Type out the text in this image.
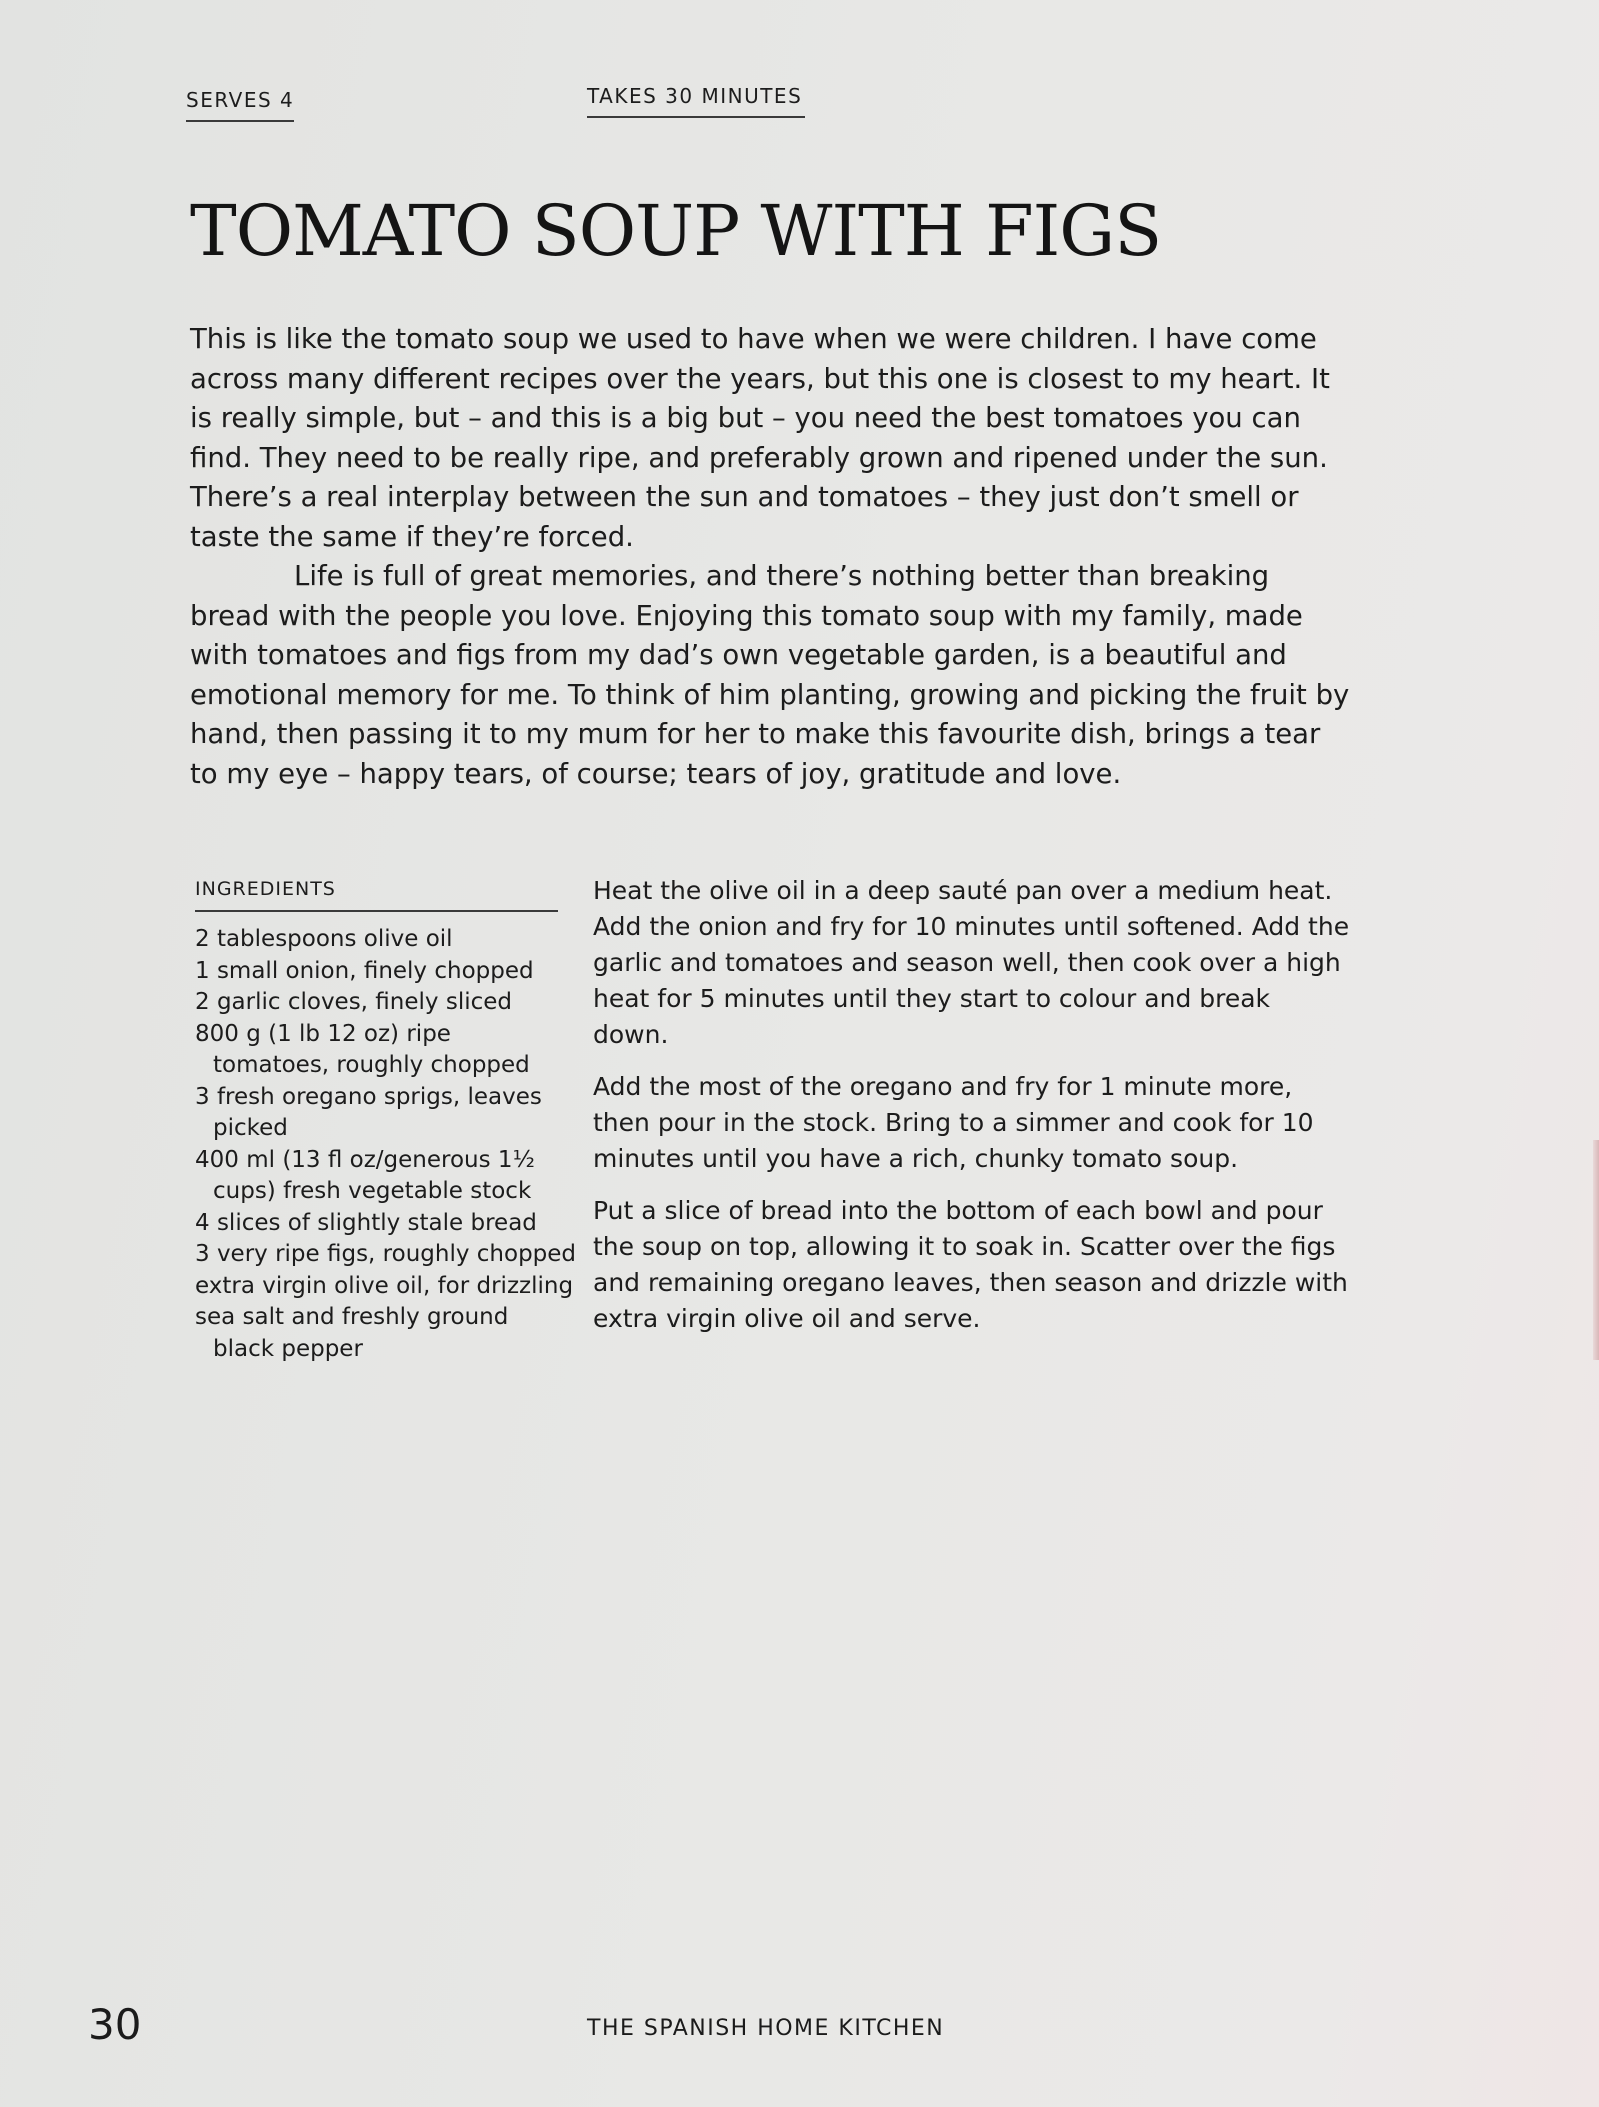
SERVES 4	TAKES 30 MINUTES
TOMATO SOUP WITH FIGS

This is like the tomato soup we used to have when we were children. I have come across many different recipes over the years, but this one is closest to my heart. It is really simple, but – and this is a big but – you need the best tomatoes you can find. They need to be really ripe, and preferably grown and ripened under the sun. There’s a real interplay between the sun and tomatoes – they just don’t smell or taste the same if they’re forced.

Life is full of great memories, and there’s nothing better than breaking bread with the people you love. Enjoying this tomato soup with my family, made with tomatoes and figs from my dad’s own vegetable garden, is a beautiful and emotional memory for me. To think of him planting, growing and picking the fruit by hand, then passing it to my mum for her to make this favourite dish, brings a tear to my eye – happy tears, of course; tears of joy, gratitude and love.

INGREDIENTS
2 tablespoons olive oil
1 small onion, finely chopped
2 garlic cloves, finely sliced
800 g (1 lb 12 oz) ripe tomatoes, roughly chopped
3 fresh oregano sprigs, leaves picked
400 ml (13 fl oz/generous 1½ cups) fresh vegetable stock
4 slices of slightly stale bread
3 very ripe figs, roughly chopped
extra virgin olive oil, for drizzling
sea salt and freshly ground black pepper

Heat the olive oil in a deep sauté pan over a medium heat. Add the onion and fry for 10 minutes until softened. Add the garlic and tomatoes and season well, then cook over a high heat for 5 minutes until they start to colour and break down.

Add the most of the oregano and fry for 1 minute more, then pour in the stock. Bring to a simmer and cook for 10 minutes until you have a rich, chunky tomato soup.

Put a slice of bread into the bottom of each bowl and pour the soup on top, allowing it to soak in. Scatter over the figs and remaining oregano leaves, then season and drizzle with extra virgin olive oil and serve.

30	THE SPANISH HOME KITCHEN
